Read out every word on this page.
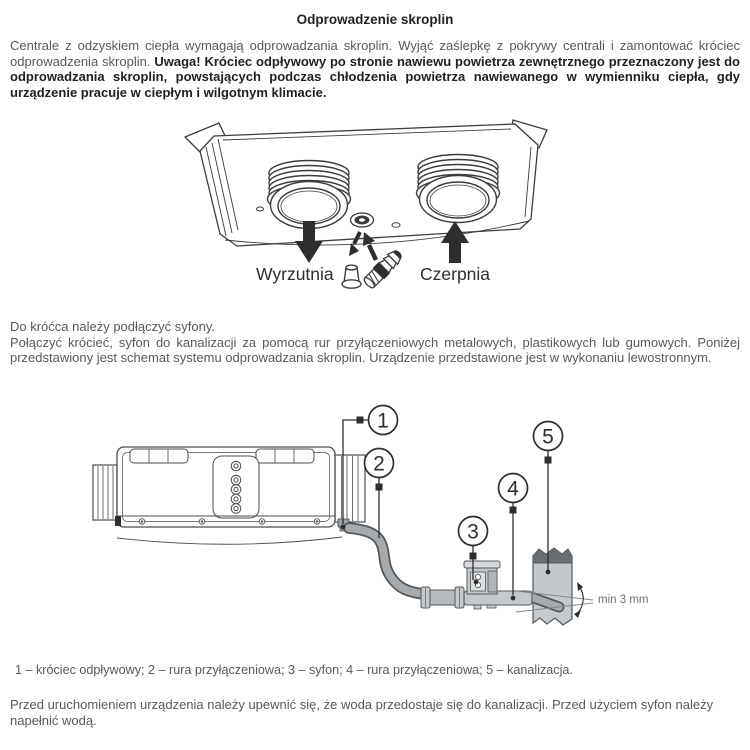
Odprowadzenie skroplin

Centrale z odzyskiem ciepła wymagają odprowadzania skroplin. Wyjąć zaślepkę z pokrywy centrali i zamontować króciec odprowadzenia skroplin. Uwaga! Króciec odpływowy po stronie nawiewu powietrza zewnętrznego przeznaczony jest do odprowadzania skroplin, powstających podczas chłodzenia powietrza nawiewanego w wymienniku ciepła, gdy urządzenie pracuje w ciepłym i wilgotnym klimacie.

Wyrzutnia	Czerpnia

Do króćca należy podłączyć syfony.
Połączyć krócieć, syfon do kanalizacji za pomocą rur przyłączeniowych metalowych, plastikowych lub gumowych. Poniżej przedstawiony jest schemat systemu odprowadzania skroplin. Urządzenie przedstawione jest w wykonaniu lewostronnym.

min 3 mm
1
2
3
4
5

1 – króciec odpływowy; 2 – rura przyłączeniowa; 3 – syfon; 4 – rura przyłączeniowa; 5 – kanalizacja.

Przed uruchomieniem urządzenia należy upewnić się, że woda przedostaje się do kanalizacji. Przed użyciem syfon należy napełnić wodą.
